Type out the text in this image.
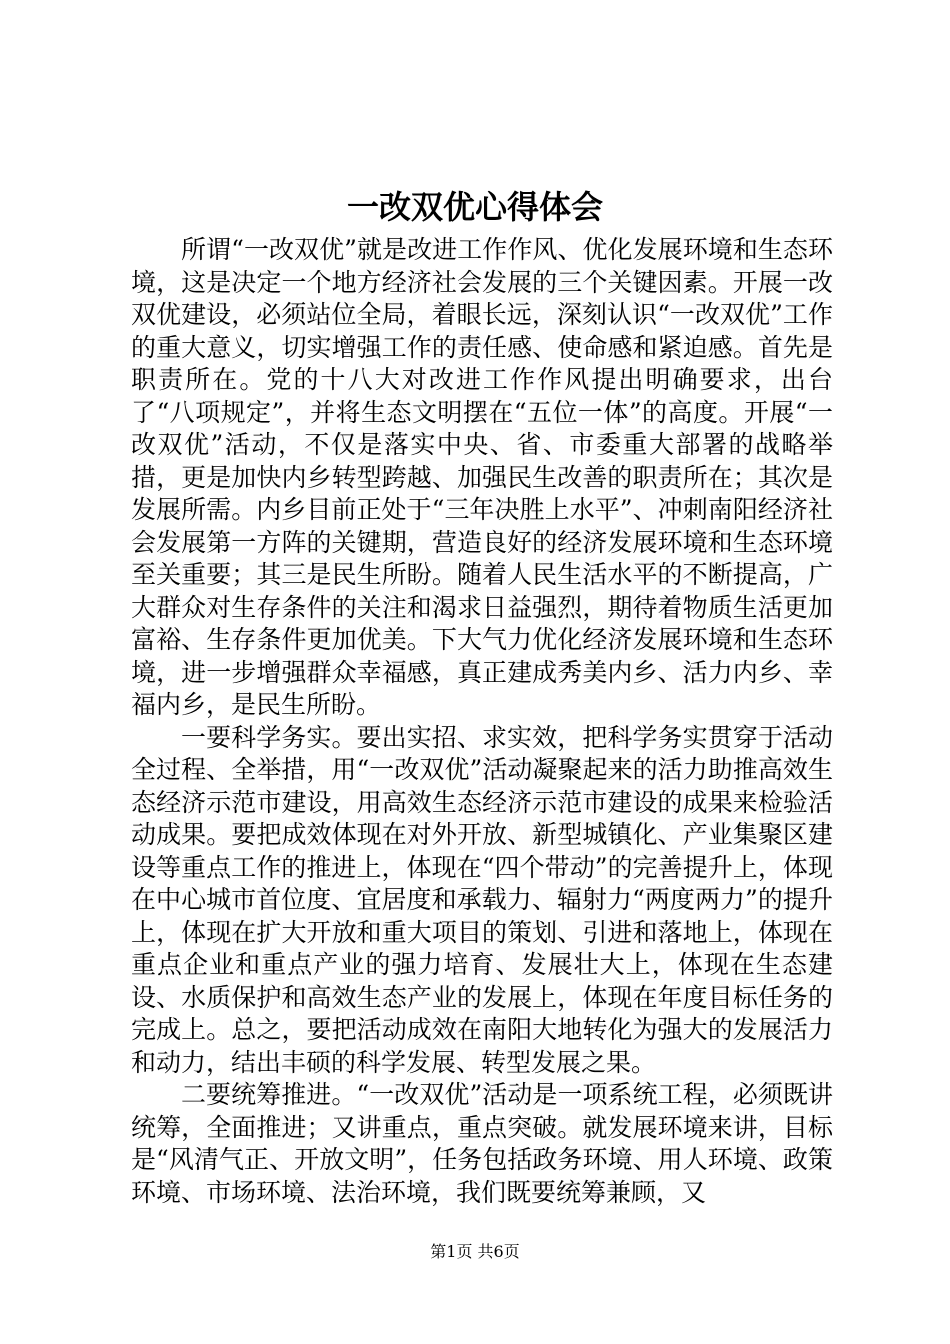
一改双优心得体会

所谓“一改双优”就是改进工作作风、优化发展环境和生态环境，这是决定一个地方经济社会发展的三个关键因素。开展一改双优建设，必须站位全局，着眼长远，深刻认识“一改双优”工作的重大意义，切实增强工作的责任感、使命感和紧迫感。首先是职责所在。党的十八大对改进工作作风提出明确要求，出台了“八项规定”，并将生态文明摆在“五位一体”的高度。开展“一改双优”活动，不仅是落实中央、省、市委重大部署的战略举措，更是加快内乡转型跨越、加强民生改善的职责所在；其次是发展所需。内乡目前正处于“三年决胜上水平”、冲刺南阳经济社会发展第一方阵的关键期，营造良好的经济发展环境和生态环境至关重要；其三是民生所盼。随着人民生活水平的不断提高，广大群众对生存条件的关注和渴求日益强烈，期待着物质生活更加富裕、生存条件更加优美。下大气力优化经济发展环境和生态环境，进一步增强群众幸福感，真正建成秀美内乡、活力内乡、幸福内乡，是民生所盼。

一要科学务实。要出实招、求实效，把科学务实贯穿于活动全过程、全举措，用“一改双优”活动凝聚起来的活力助推高效生态经济示范市建设，用高效生态经济示范市建设的成果来检验活动成果。要把成效体现在对外开放、新型城镇化、产业集聚区建设等重点工作的推进上，体现在“四个带动”的完善提升上，体现在中心城市首位度、宜居度和承载力、辐射力“两度两力”的提升上，体现在扩大开放和重大项目的策划、引进和落地上，体现在重点企业和重点产业的强力培育、发展壮大上，体现在生态建设、水质保护和高效生态产业的发展上，体现在年度目标任务的完成上。总之，要把活动成效在南阳大地转化为强大的发展活力和动力，结出丰硕的科学发展、转型发展之果。

二要统筹推进。“一改双优”活动是一项系统工程，必须既讲统筹，全面推进；又讲重点，重点突破。就发展环境来讲，目标是“风清气正、开放文明”，任务包括政务环境、用人环境、政策环境、市场环境、法治环境，我们既要统筹兼顾，又

第1页 共6页
